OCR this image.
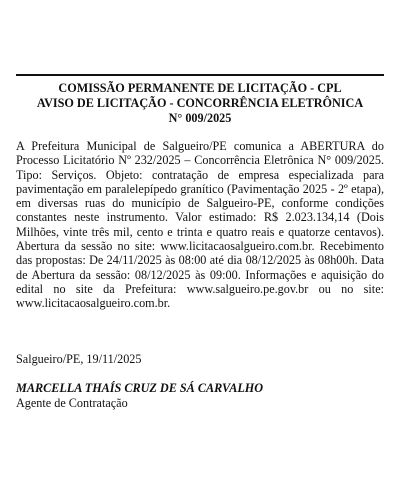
COMISSÃO PERMANENTE DE LICITAÇÃO - CPL
AVISO DE LICITAÇÃO - CONCORRÊNCIA ELETRÔNICA
N° 009/2025

A Prefeitura Municipal de Salgueiro/PE comunica a ABERTURA do Processo Licitatório Nº 232/2025 – Concorrência Eletrônica N° 009/2025. Tipo: Serviços. Objeto: contratação de empresa especializada para pavimentação em paralelepípedo granítico (Pavimentação 2025 - 2º etapa), em diversas ruas do município de Salgueiro-PE, conforme condições constantes neste instrumento. Valor estimado: R$ 2.023.134,14 (Dois Milhões, vinte três mil, cento e trinta e quatro reais e quatorze centavos). Abertura da sessão no site: www.licitacaosalgueiro.com.br. Recebimento das propostas: De 24/11/2025 às 08:00 até dia 08/12/2025 às 08h00h. Data de Abertura da sessão: 08/12/2025 às 09:00. Informações e aquisição do edital no site da Prefeitura: www.salgueiro.pe.gov.br ou no site: www.licitacaosalgueiro.com.br.

Salgueiro/PE, 19/11/2025
MARCELLA THAÍS CRUZ DE SÁ CARVALHO
Agente de Contratação
